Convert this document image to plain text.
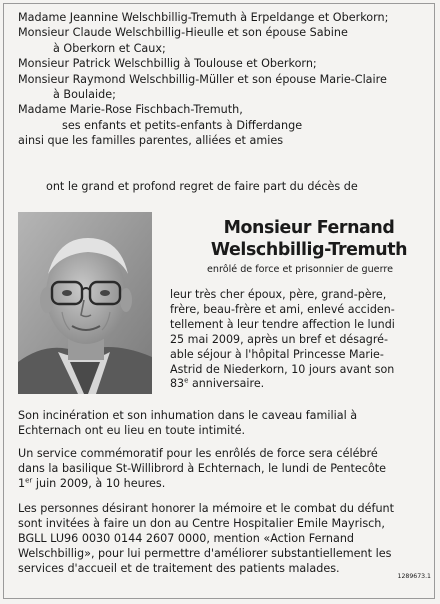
Madame Jeannine Welschbillig-Tremuth à Erpeldange et Oberkorn;
Monsieur Claude Welschbillig-Hieulle et son épouse Sabine
à Oberkorn et Caux;
Monsieur Patrick Welschbillig à Toulouse et Oberkorn;
Monsieur Raymond Welschbillig-Müller et son épouse Marie-Claire
à Boulaide;
Madame Marie-Rose Fischbach-Tremuth,
ses enfants et petits-enfants à Differdange
ainsi que les familles parentes, alliées et amies
ont le grand et profond regret de faire part du décès de
Monsieur Fernand
Welschbillig-Tremuth
enrôlé de force et prisonnier de guerre
leur très cher époux, père, grand-père,
frère, beau-frère et ami, enlevé acciden-
tellement à leur tendre affection le lundi
25 mai 2009, après un bref et désagré-
able séjour à l'hôpital Princesse Marie-
Astrid de Niederkorn, 10 jours avant son
83e anniversaire.
Son incinération et son inhumation dans le caveau familial à
Echternach ont eu lieu en toute intimité.
Un service commémoratif pour les enrôlés de force sera célébré
dans la basilique St-Willibrord à Echternach, le lundi de Pentecôte
1er juin 2009, à 10 heures.
Les personnes désirant honorer la mémoire et le combat du défunt
sont invitées à faire un don au Centre Hospitalier Emile Mayrisch,
BGLL LU96 0030 0144 2607 0000, mention «Action Fernand
Welschbillig», pour lui permettre d'améliorer substantiellement les
services d'accueil et de traitement des patients malades.
1289673.1
